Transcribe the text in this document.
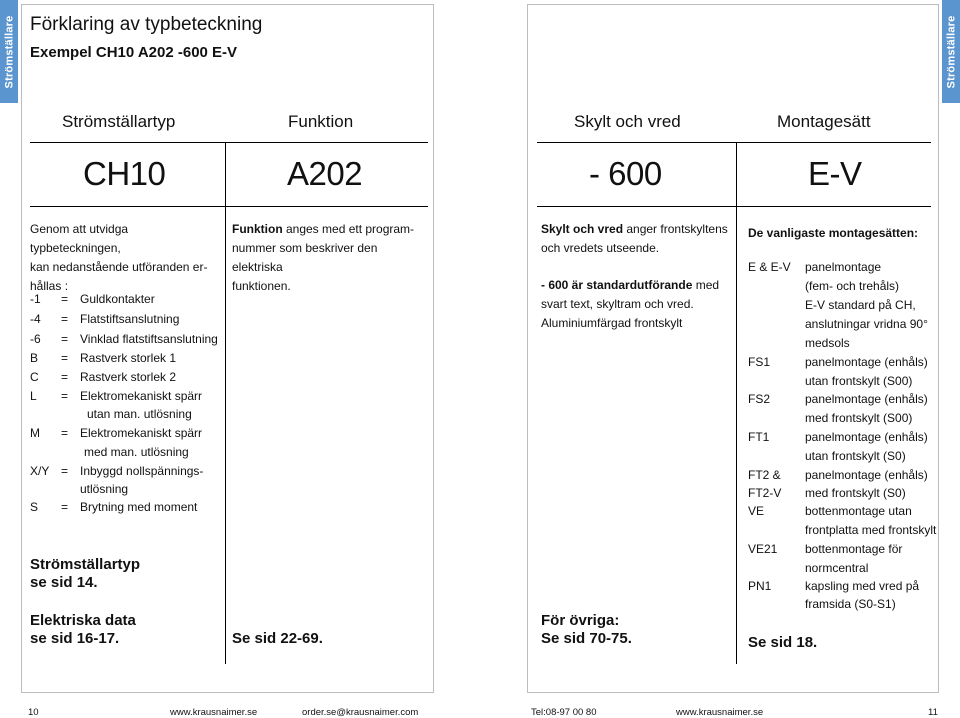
Strömställare	Strömställare
Förklaring av typbeteckning
Exempel CH10 A202 -600 E-V
Strömställartyp	Funktion	Skylt och vred	Montagesätt
CH10	A202	- 600	E-V
Genom att utvidga typbeteckningen,
kan nedanstående utföranden er-
hållas :
-1 = Guldkontakter
-4 = Flatstiftsanslutning
-6 = Vinklad flatstiftsanslutning
B = Rastverk storlek 1
C = Rastverk storlek 2
L = Elektromekaniskt spärr
utan man. utlösning
M = Elektromekaniskt spärr
med man. utlösning
X/Y = Inbyggd nollspännings-
utlösning
S = Brytning med moment
Strömställartyp
se sid 14.
Elektriska data
se sid 16-17.
Funktion anges med ett program-
nummer som beskriver den elektriska
funktionen.
Se sid 22-69.
Skylt och vred anger frontskyltens
och vredets utseende.
- 600 är standardutförande med
svart text, skyltram och vred.
Aluminiumfärgad frontskylt
För övriga:
Se sid 70-75.
De vanligaste montagesätten:
E & E-V panelmontage
(fem- och trehåls)
E-V standard på CH,
anslutningar vridna 90°
medsols
FS1	panelmontage (enhåls)
utan frontskylt (S00)
FS2	panelmontage (enhåls)
med frontskylt (S00)
FT1	panelmontage (enhåls)
utan frontskylt (S0)
FT2 & panelmontage (enhåls)
FT2-V med frontskylt (S0)
VE	bottenmontage utan
frontplatta med frontskylt
VE21 bottenmontage för
normcentral
PN1	kapsling med vred på
framsida (S0-S1)
Se sid 18.
10	www.krausnaimer.se	order.se@krausnaimer.com	Tel:08-97 00 80	www.krausnaimer.se	11
